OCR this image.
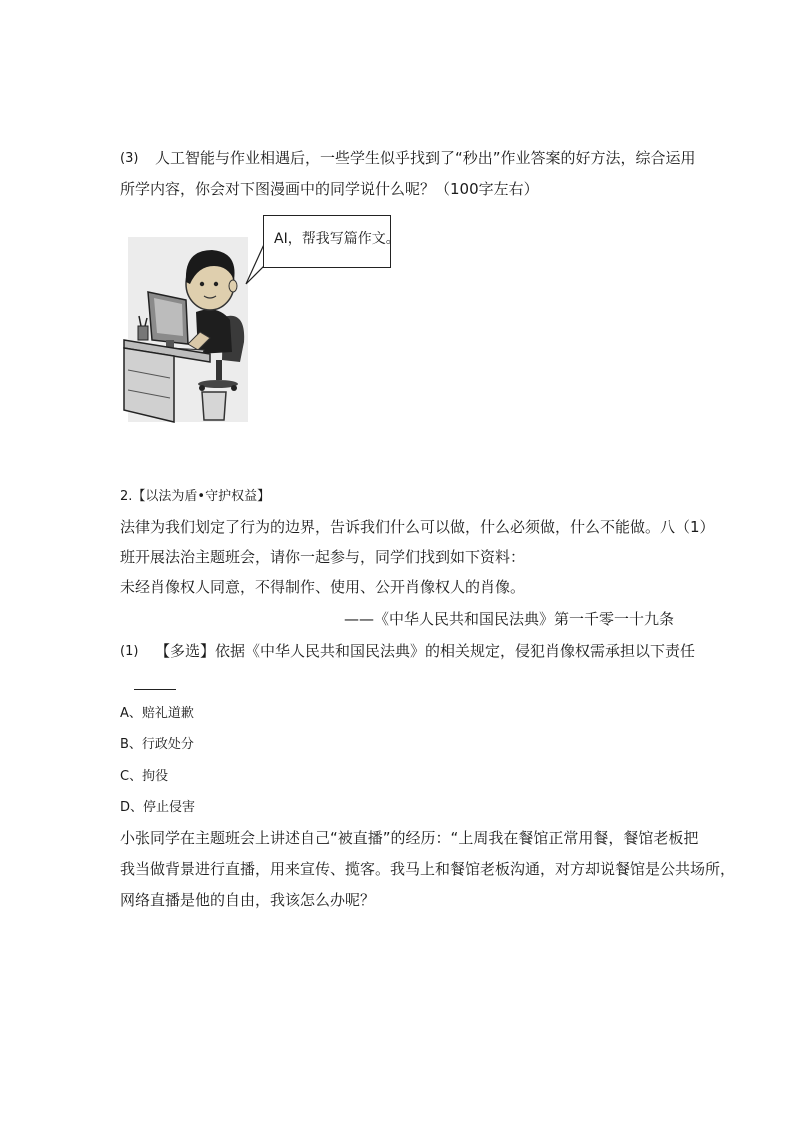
(3) 人工智能与作业相遇后，一些学生似乎找到了“秒出”作业答案的好方法，综合运用
所学内容，你会对下图漫画中的同学说什么呢？（100字左右）
AI，帮我写篇作文。
2.【以法为盾•守护权益】
法律为我们划定了行为的边界，告诉我们什么可以做，什么必须做，什么不能做。八（1）
班开展法治主题班会，请你一起参与，同学们找到如下资料：
未经肖像权人同意，不得制作、使用、公开肖像权人的肖像。
——《中华人民共和国民法典》第一千零一十九条
(1) 【多选】依据《中华人民共和国民法典》的相关规定，侵犯肖像权需承担以下责任
A、赔礼道歉
B、行政处分
C、拘役
D、停止侵害
小张同学在主题班会上讲述自己“被直播”的经历：“上周我在餐馆正常用餐，餐馆老板把
我当做背景进行直播，用来宣传、揽客。我马上和餐馆老板沟通，对方却说餐馆是公共场所，
网络直播是他的自由，我该怎么办呢？
